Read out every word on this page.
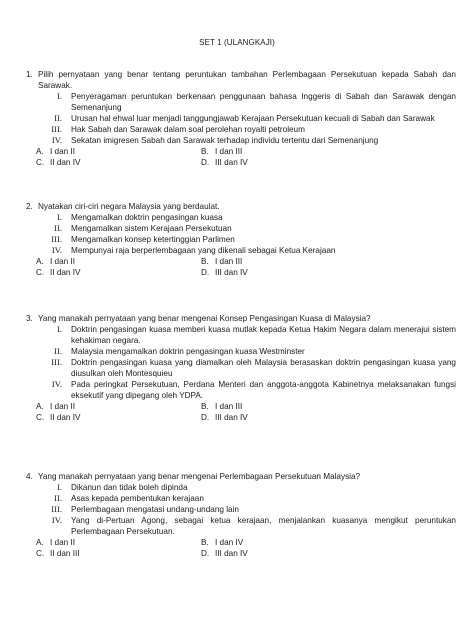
SET 1 (ULANGKAJI)
1. Pilih pernyataan yang benar tentang peruntukan tambahan Perlembagaan Persekutuan kepada Sabah dan Sarawak.
I.	Penyeragaman peruntukan berkenaan penggunaan bahasa Inggeris di Sabah dan Sarawak dengan Semenanjung
II.	Urusan hal ehwal luar menjadi tanggungjawab Kerajaan Persekutuan kecuali di Sabah dan Sarawak
III.	Hak Sabah dan Sarawak dalam soal perolehan royalti petroleum
IV.	Sekatan imigresen Sabah dan Sarawak terhadap individu tertentu dari Semenanjung
A. I dan II	B. I dan III
C. II dan IV	D. III dan IV
2. Nyatakan ciri-ciri negara Malaysia yang berdaulat.
I.	Mengamalkan doktrin pengasingan kuasa
II.	Mengamalkan sistem Kerajaan Persekutuan
III.	Mengamalkan konsep ketertinggian Parlimen
IV.	Mempunyai raja berperlembagaan yang dikenali sebagai Ketua Kerajaan
A. I dan II	B. I dan III
C. II dan IV	D. III dan IV
3. Yang manakah pernyataan yang benar mengenai Konsep Pengasingan Kuasa di Malaysia?
I.	Doktrin pengasingan kuasa memberi kuasa mutlak kepada Ketua Hakim Negara dalam menerajui sistem kehakiman negara.
II.	Malaysia mengamalkan doktrin pengasingan kuasa Westminster
III.	Doktrin pengasingan kuasa yang diamalkan oleh Malaysia berasaskan doktrin pengasingan kuasa yang diusulkan oleh Montesquieu
IV.	Pada peringkat Persekutuan, Perdana Menteri dan anggota-anggota Kabinetnya melaksanakan fungsi eksekutif yang dipegang oleh YDPA.
A. I dan II	B. I dan III
C. II dan IV	D. III dan IV
4. Yang manakah pernyataan yang benar mengenai Perlembagaan Persekutuan Malaysia?
I.	Dikanun dan tidak boleh dipinda
II.	Asas kepada pembentukan kerajaan
III.	Perlembagaan mengatasi undang-undang lain
IV.	Yang di-Pertuan Agong, sebagai ketua kerajaan, menjalankan kuasanya mengikut peruntukan Perlembagaan Persekutuan.
A. I dan II	B. I dan IV
C. II dan III	D. III dan IV
